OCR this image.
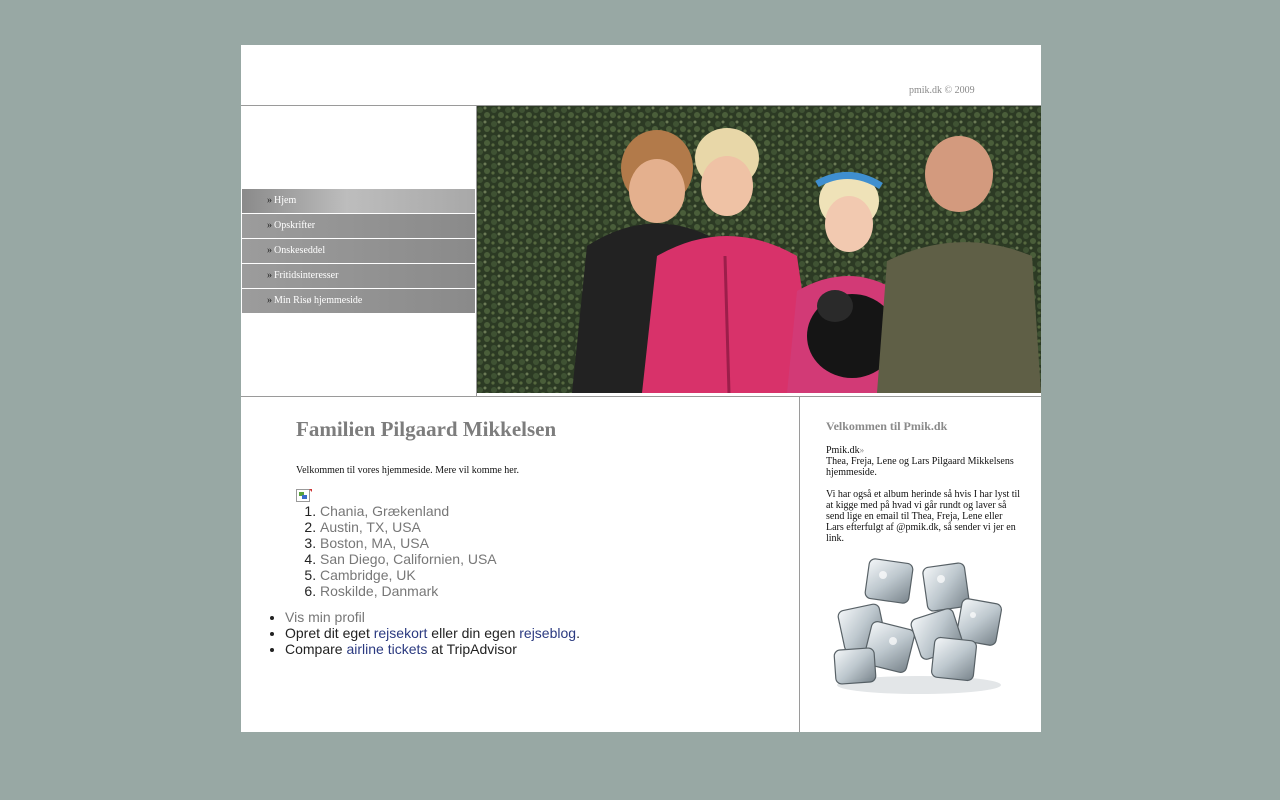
pmik.dk © 2009
» Hjem
» Opskrifter
» Onskeseddel
» Fritidsinteresser
» Min Risø hjemmeside
Familien Pilgaard Mikkelsen
Velkommen til vores hjemmeside. Mere vil komme her.
1. Chania, Grækenland
2. Austin, TX, USA
3. Boston, MA, USA
4. San Diego, Californien, USA
5. Cambridge, UK
6. Roskilde, Danmark
• Vis min profil
• Opret dit eget rejsekort eller din egen rejseblog.
• Compare airline tickets at TripAdvisor
Velkommen til Pmik.dk

Pmik.dk»

Thea, Freja, Lene og Lars Pilgaard Mikkelsens hjemmeside.

Vi har også et album herinde så hvis I har lyst til at kigge med på hvad vi går rundt og laver så send lige en email til Thea, Freja, Lene eller Lars efterfulgt af @pmik.dk, så sender vi jer en link.
